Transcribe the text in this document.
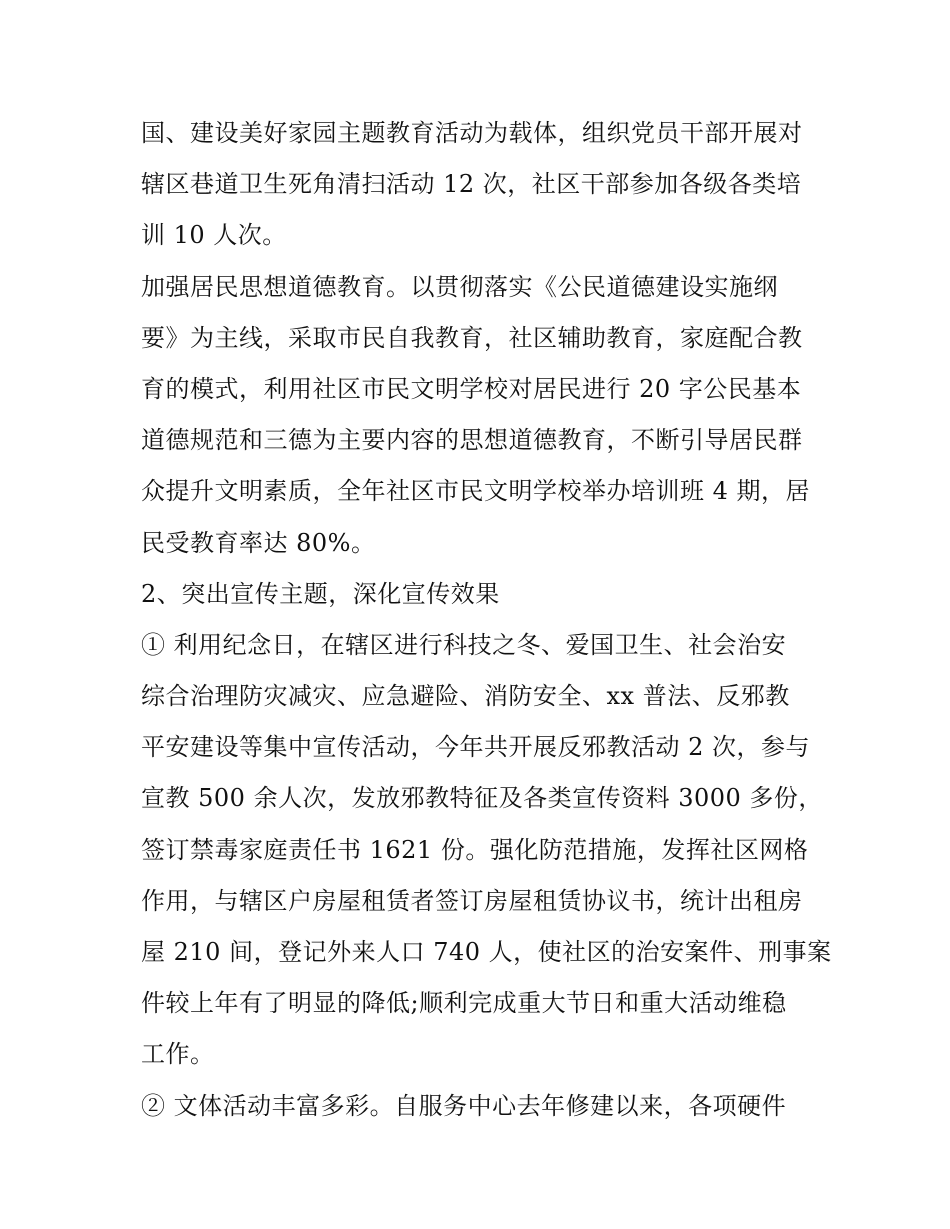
国、建设美好家园主题教育活动为载体，组织党员干部开展对
辖区巷道卫生死角清扫活动 12 次，社区干部参加各级各类培
训 10 人次。
加强居民思想道德教育。以贯彻落实《公民道德建设实施纲
要》为主线，采取市民自我教育，社区辅助教育，家庭配合教
育的模式，利用社区市民文明学校对居民进行 20 字公民基本
道德规范和三德为主要内容的思想道德教育，不断引导居民群
众提升文明素质，全年社区市民文明学校举办培训班 4 期，居
民受教育率达 80%。
2、突出宣传主题，深化宣传效果
① 利用纪念日，在辖区进行科技之冬、爱国卫生、社会治安
综合治理防灾减灾、应急避险、消防安全、xx 普法、反邪教
平安建设等集中宣传活动，今年共开展反邪教活动 2 次，参与
宣教 500 余人次，发放邪教特征及各类宣传资料 3000 多份，
签订禁毒家庭责任书 1621 份。强化防范措施，发挥社区网格
作用，与辖区户房屋租赁者签订房屋租赁协议书，统计出租房
屋 210 间，登记外来人口 740 人，使社区的治安案件、刑事案
件较上年有了明显的降低;顺利完成重大节日和重大活动维稳
工作。
② 文体活动丰富多彩。自服务中心去年修建以来，各项硬件
